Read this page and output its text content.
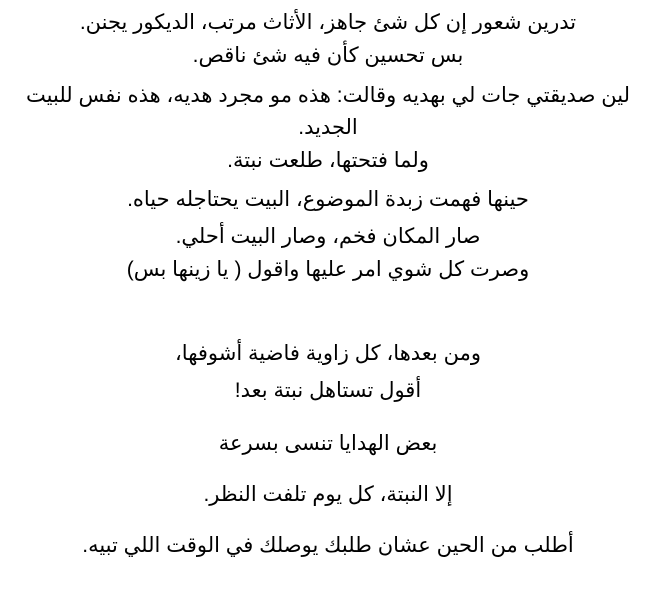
تدرين شعور إن كل شئ جاهز، الأثاث مرتب، الديكور يجنن.
بس تحسين كأن فيه شئ ناقص.
لين صديقتي جات لي بهديه وقالت: هذه مو مجرد هديه، هذه نفس للبيت
الجديد.
ولما فتحتها، طلعت نبتة.
حينها فهمت زبدة الموضوع، البيت يحتاجله حياه.
صار المكان فخم، وصار البيت أحلي.
وصرت كل شوي امر عليها واقول ( يا زينها بس)
ومن بعدها، كل زاوية فاضية أشوفها،
أقول تستاهل نبتة بعد!
بعض الهدايا تنسى بسرعة
إلا النبتة، كل يوم تلفت النظر.
أطلب من الحين عشان طلبك يوصلك في الوقت اللي تبيه.
